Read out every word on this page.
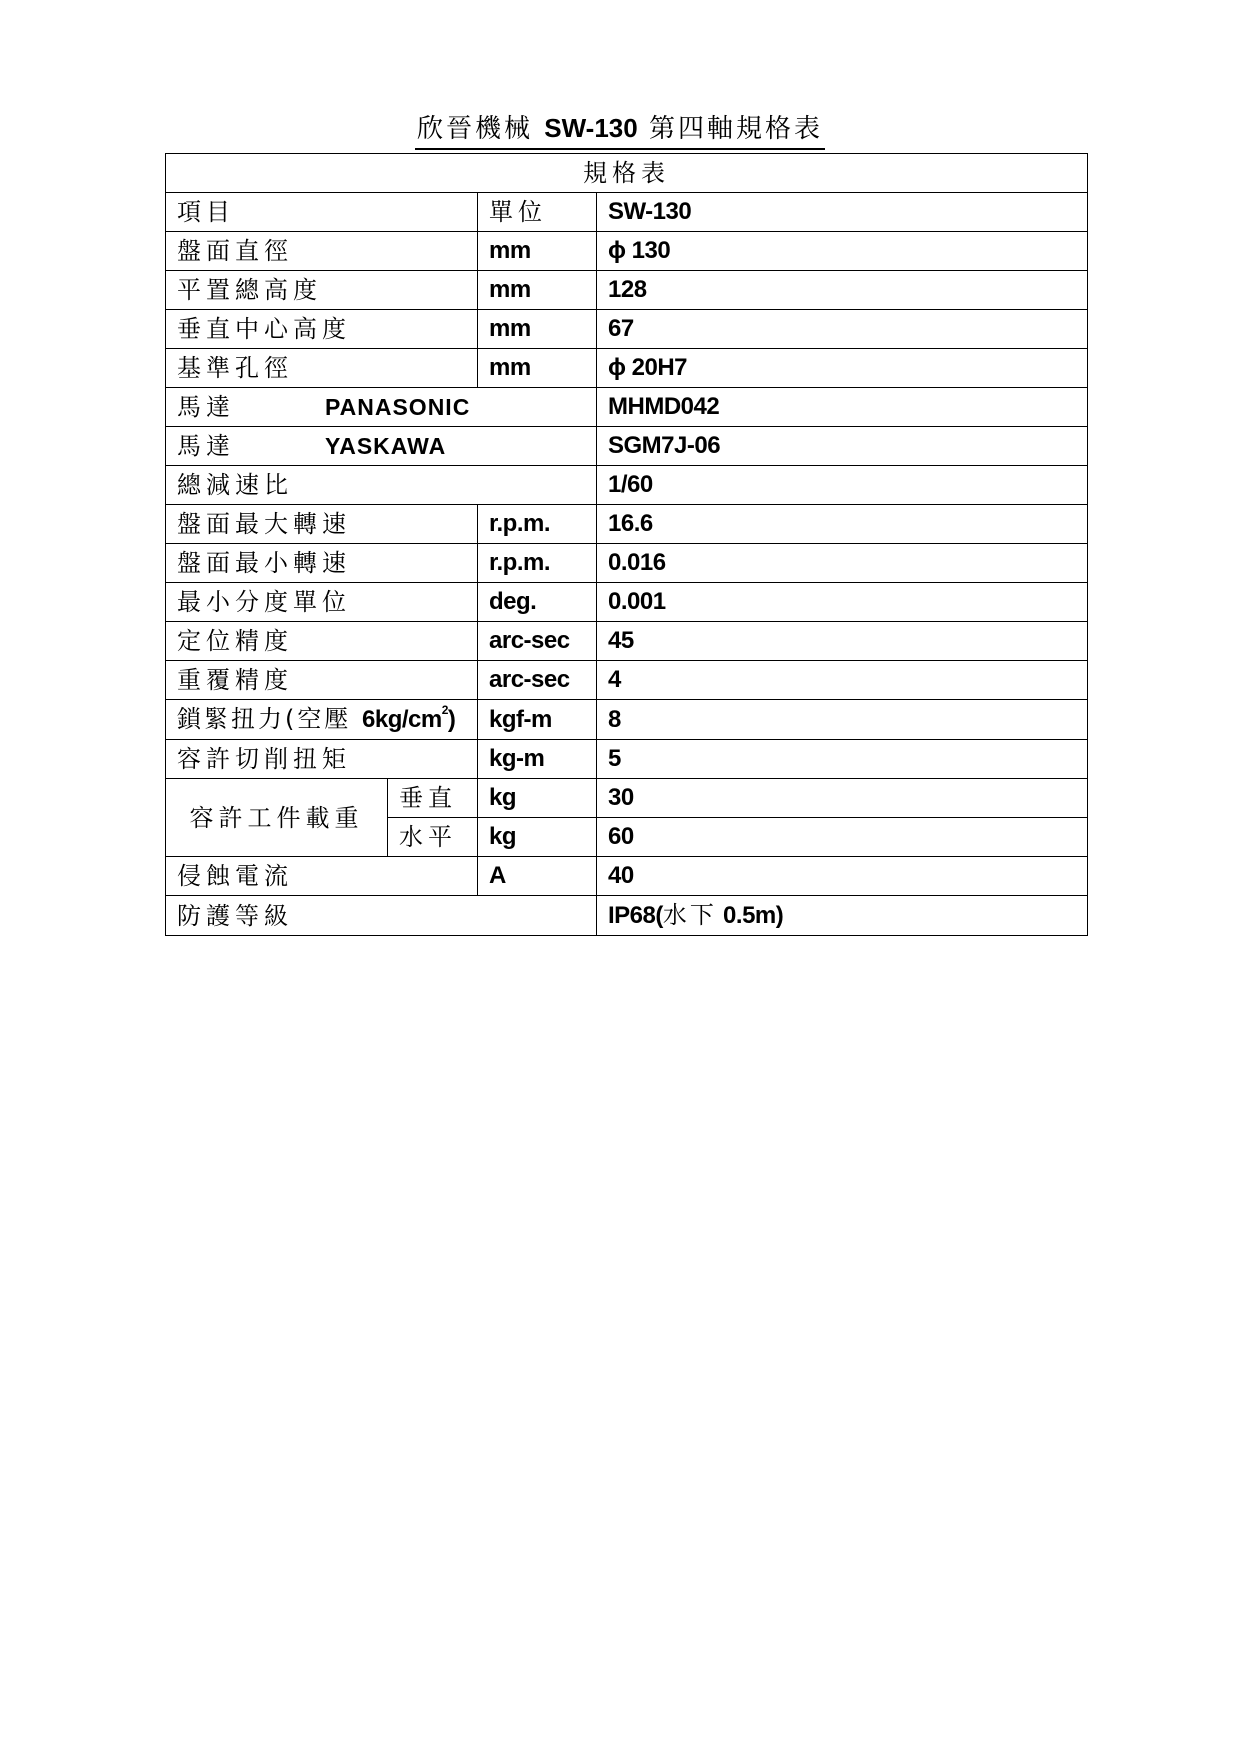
欣晉機械 SW-130 第四軸規格表
規格表			
項目		單位	SW-130
盤面直徑		mm	ϕ 130
平置總高度		mm	128
垂直中心高度		mm	67
基準孔徑		mm	ϕ 20H7
馬達 PANASONIC			MHMD042
馬達 YASKAWA			SGM7J-06
總減速比			1/60
盤面最大轉速		r.p.m.	16.6
盤面最小轉速		r.p.m.	0.016
最小分度單位		deg.	0.001
定位精度		arc-sec	45
重覆精度		arc-sec	4
鎖緊扭力(空壓 $6kg/cm^2$)		kgf-m	8
容許切削扭矩		kg-m	5
容許工件載重	垂直	kg	30
	水平	kg	60
侵蝕電流		A	40
防護等級			IP68(水下 0.5m)
